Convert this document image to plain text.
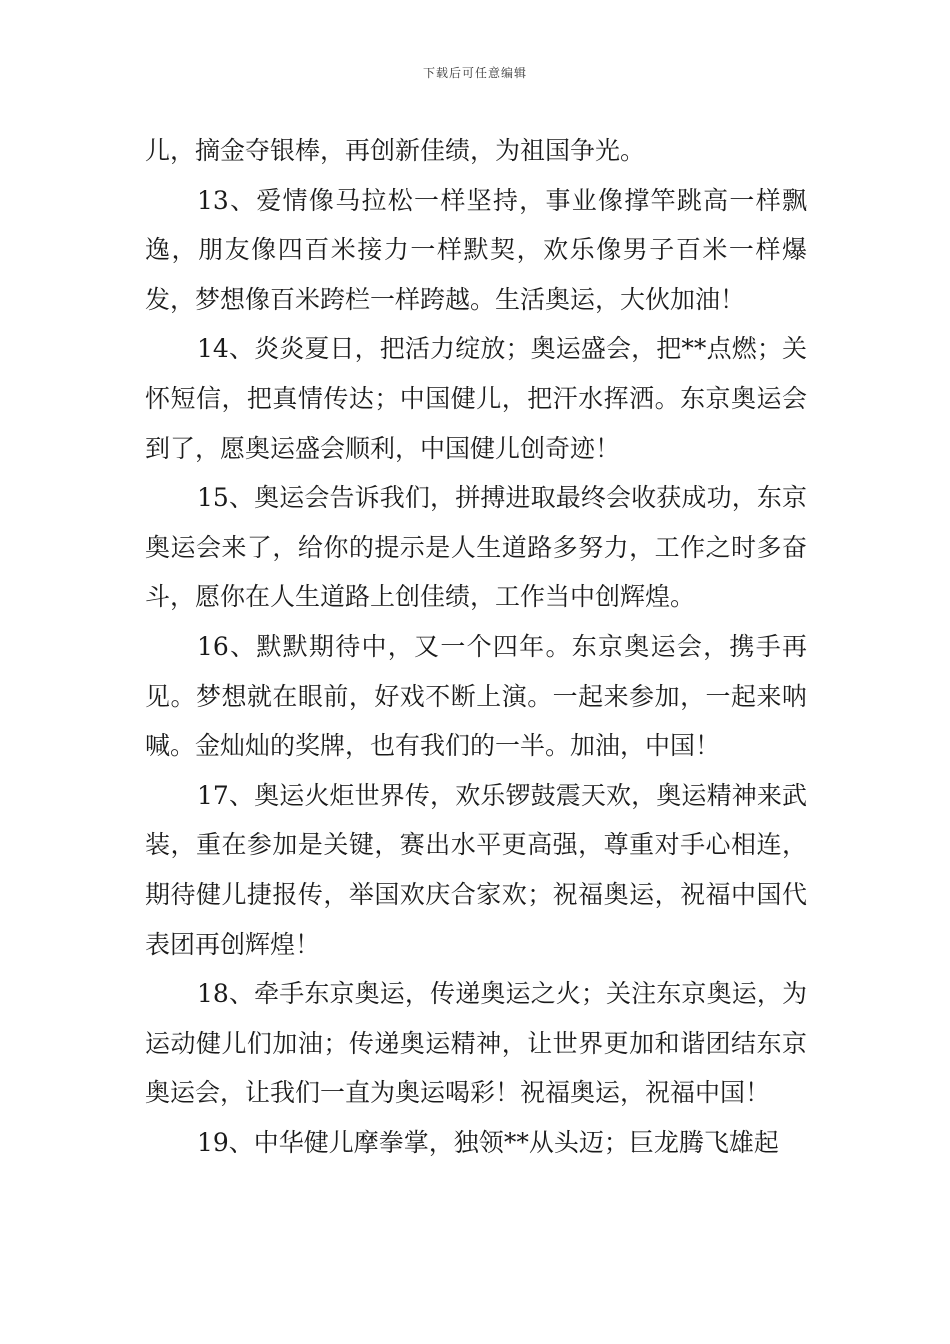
下载后可任意编辑

儿，摘金夺银棒，再创新佳绩，为祖国争光。

13、爱情像马拉松一样坚持，事业像撑竿跳高一样飘逸，朋友像四百米接力一样默契，欢乐像男子百米一样爆发，梦想像百米跨栏一样跨越。生活奥运，大伙加油！

14、炎炎夏日，把活力绽放；奥运盛会，把**点燃；关怀短信，把真情传达；中国健儿，把汗水挥洒。东京奥运会到了，愿奥运盛会顺利，中国健儿创奇迹！

15、奥运会告诉我们，拼搏进取最终会收获成功，东京奥运会来了，给你的提示是人生道路多努力，工作之时多奋斗，愿你在人生道路上创佳绩，工作当中创辉煌。

16、默默期待中，又一个四年。东京奥运会，携手再见。梦想就在眼前，好戏不断上演。一起来参加，一起来呐喊。金灿灿的奖牌，也有我们的一半。加油，中国！

17、奥运火炬世界传，欢乐锣鼓震天欢，奥运精神来武装，重在参加是关键，赛出水平更高强，尊重对手心相连，期待健儿捷报传，举国欢庆合家欢；祝福奥运，祝福中国代表团再创辉煌！

18、牵手东京奥运，传递奥运之火；关注东京奥运，为运动健儿们加油；传递奥运精神，让世界更加和谐团结东京奥运会，让我们一直为奥运喝彩！祝福奥运，祝福中国！

19、中华健儿摩拳掌，独领**从头迈；巨龙腾飞雄起
